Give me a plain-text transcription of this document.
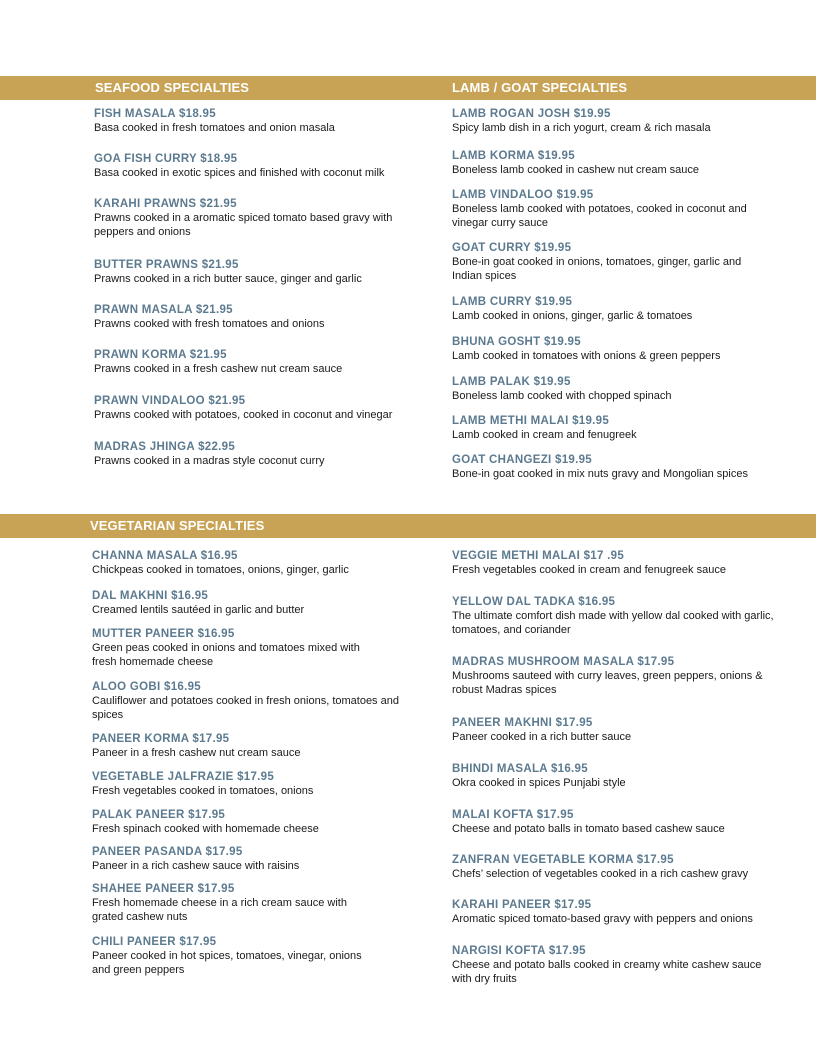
SEAFOOD SPECIALTIES	LAMB / GOAT SPECIALTIES
FISH MASALA $18.95
Basa cooked in fresh tomatoes and onion masala
GOA FISH CURRY $18.95
Basa cooked in exotic spices and finished with coconut milk
KARAHI PRAWNS $21.95
Prawns cooked in a aromatic spiced tomato based gravy with peppers and onions
BUTTER PRAWNS $21.95
Prawns cooked in a rich butter sauce, ginger and garlic
PRAWN MASALA $21.95
Prawns cooked with fresh tomatoes and onions
PRAWN KORMA $21.95
Prawns cooked in a fresh cashew nut cream sauce
PRAWN VINDALOO $21.95
Prawns cooked with potatoes, cooked in coconut and vinegar
MADRAS JHINGA $22.95
Prawns cooked in a madras style coconut curry
LAMB ROGAN JOSH $19.95
Spicy lamb dish in a rich yogurt, cream & rich masala
LAMB KORMA $19.95
Boneless lamb cooked in cashew nut cream sauce
LAMB VINDALOO $19.95
Boneless lamb cooked with potatoes, cooked in coconut and vinegar curry sauce
GOAT CURRY $19.95
Bone-in goat cooked in onions, tomatoes, ginger, garlic and Indian spices
LAMB CURRY $19.95
Lamb cooked in onions, ginger, garlic & tomatoes
BHUNA GOSHT $19.95
Lamb cooked in tomatoes with onions & green peppers
LAMB PALAK $19.95
Boneless lamb cooked with chopped spinach
LAMB METHI MALAI $19.95
Lamb cooked in cream and fenugreek
GOAT CHANGEZI $19.95
Bone-in goat cooked in mix nuts gravy and Mongolian spices
VEGETARIAN SPECIALTIES
CHANNA MASALA $16.95
Chickpeas cooked in tomatoes, onions, ginger, garlic
DAL MAKHNI $16.95
Creamed lentils sautéed in garlic and butter
MUTTER PANEER $16.95
Green peas cooked in onions and tomatoes mixed with fresh homemade cheese
ALOO GOBI $16.95
Cauliflower and potatoes cooked in fresh onions, tomatoes and spices
PANEER KORMA $17.95
Paneer in a fresh cashew nut cream sauce
VEGETABLE JALFRAZIE $17.95
Fresh vegetables cooked in tomatoes, onions
PALAK PANEER $17.95
Fresh spinach cooked with homemade cheese
PANEER PASANDA $17.95
Paneer in a rich cashew sauce with raisins
SHAHEE PANEER $17.95
Fresh homemade cheese in a rich cream sauce with grated cashew nuts
CHILI PANEER $17.95
Paneer cooked in hot spices, tomatoes, vinegar, onions and green peppers
VEGGIE METHI MALAI $17 .95
Fresh vegetables cooked in cream and fenugreek sauce
YELLOW DAL TADKA $16.95
The ultimate comfort dish made with yellow dal cooked with garlic, tomatoes, and coriander
MADRAS MUSHROOM MASALA $17.95
Mushrooms sauteed with curry leaves, green peppers, onions & robust Madras spices
PANEER MAKHNI $17.95
Paneer cooked in a rich butter sauce
BHINDI MASALA $16.95
Okra cooked in spices Punjabi style
MALAI KOFTA $17.95
Cheese and potato balls in tomato based cashew sauce
ZANFRAN VEGETABLE KORMA $17.95
Chefs’ selection of vegetables cooked in a rich cashew gravy
KARAHI PANEER $17.95
Aromatic spiced tomato-based gravy with peppers and onions
NARGISI KOFTA $17.95
Cheese and potato balls cooked in creamy white cashew sauce with dry fruits
